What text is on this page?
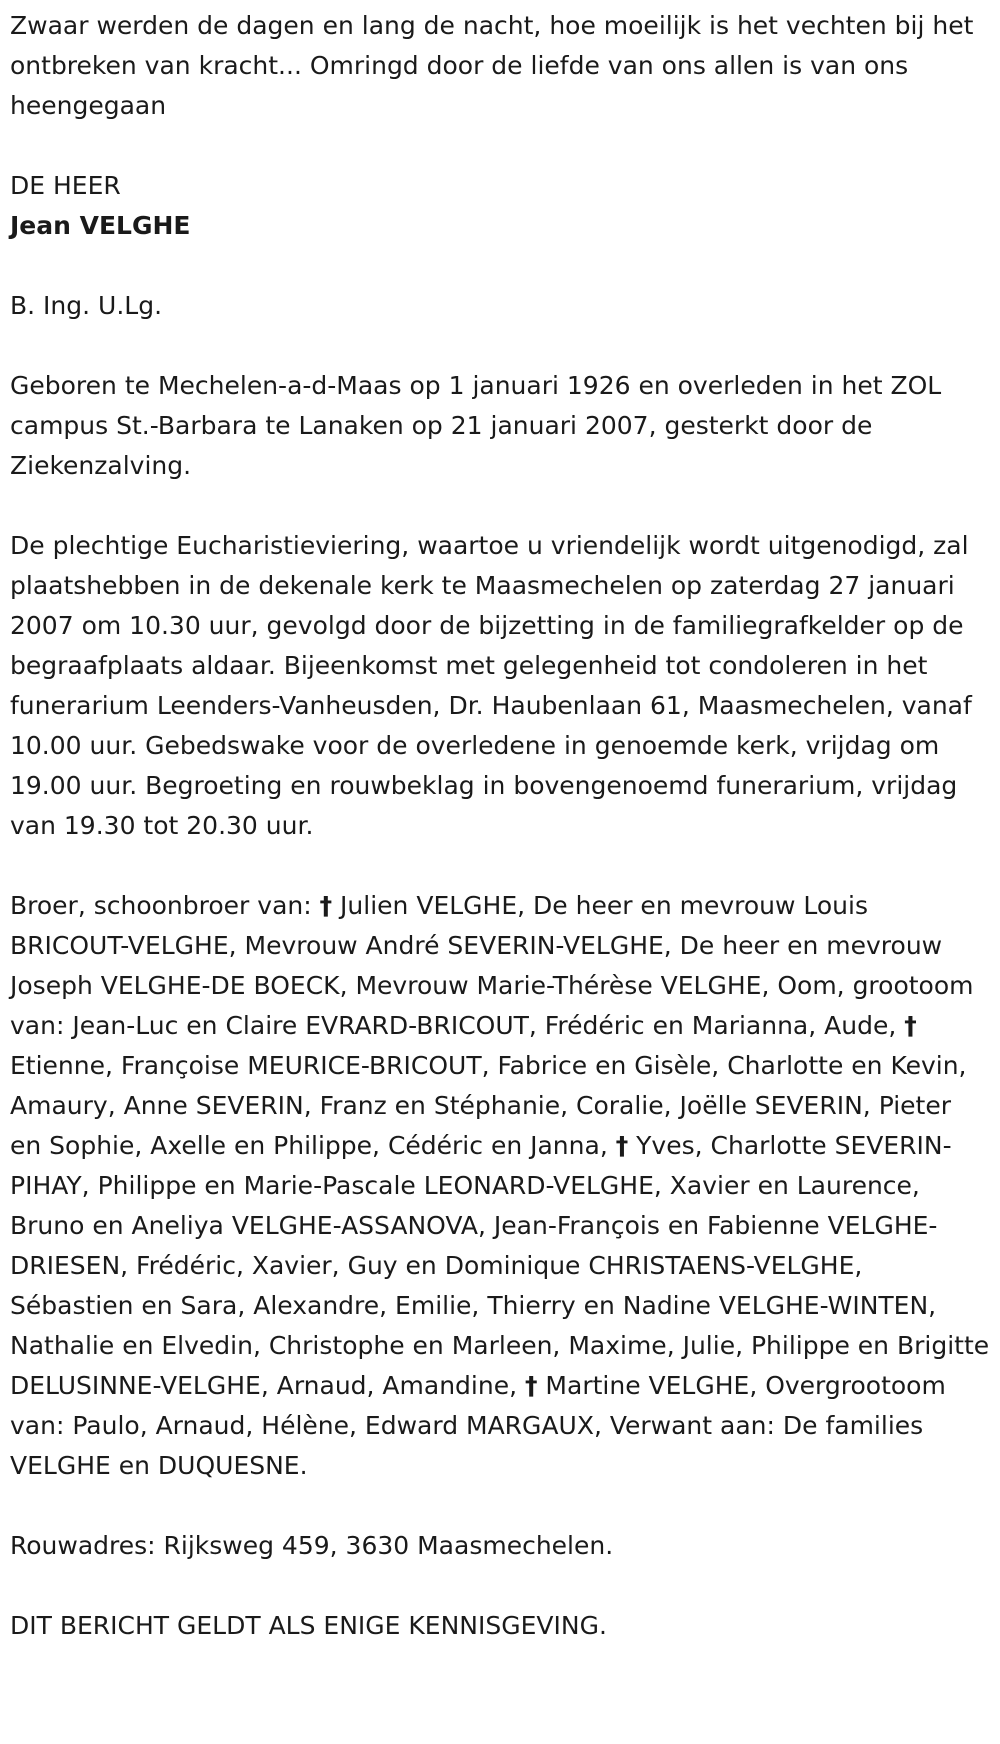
Zwaar werden de dagen en lang de nacht, hoe moeilijk is het vechten bij het ontbreken van kracht... Omringd door de liefde van ons allen is van ons heengegaan

DE HEER

Jean VELGHE

B. Ing. U.Lg.

Geboren te Mechelen-a-d-Maas op 1 januari 1926 en overleden in het ZOL campus St.-Barbara te Lanaken op 21 januari 2007, gesterkt door de Ziekenzalving.

De plechtige Eucharistieviering, waartoe u vriendelijk wordt uitgenodigd, zal plaatshebben in de dekenale kerk te Maasmechelen op zaterdag 27 januari 2007 om 10.30 uur, gevolgd door de bijzetting in de familiegrafkelder op de begraafplaats aldaar. Bijeenkomst met gelegenheid tot condoleren in het funerarium Leenders-Vanheusden, Dr. Haubenlaan 61, Maasmechelen, vanaf 10.00 uur. Gebedswake voor de overledene in genoemde kerk, vrijdag om 19.00 uur. Begroeting en rouwbeklag in bovengenoemd funerarium, vrijdag van 19.30 tot 20.30 uur.

Broer, schoonbroer van: † Julien VELGHE, De heer en mevrouw Louis BRICOUT-VELGHE, Mevrouw André SEVERIN-VELGHE, De heer en mevrouw Joseph VELGHE-DE BOECK, Mevrouw Marie-Thérèse VELGHE, Oom, grootoom van: Jean-Luc en Claire EVRARD-BRICOUT, Frédéric en Marianna, Aude, † Etienne, Françoise MEURICE-BRICOUT, Fabrice en Gisèle, Charlotte en Kevin, Amaury, Anne SEVERIN, Franz en Stéphanie, Coralie, Joëlle SEVERIN, Pieter en Sophie, Axelle en Philippe, Cédéric en Janna, † Yves, Charlotte SEVERIN-PIHAY, Philippe en Marie-Pascale LEONARD-VELGHE, Xavier en Laurence, Bruno en Aneliya VELGHE-ASSANOVA, Jean-François en Fabienne VELGHE-DRIESEN, Frédéric, Xavier, Guy en Dominique CHRISTAENS-VELGHE, Sébastien en Sara, Alexandre, Emilie, Thierry en Nadine VELGHE-WINTEN, Nathalie en Elvedin, Christophe en Marleen, Maxime, Julie, Philippe en Brigitte DELUSINNE-VELGHE, Arnaud, Amandine, † Martine VELGHE, Overgrootoom van: Paulo, Arnaud, Hélène, Edward MARGAUX, Verwant aan: De families VELGHE en DUQUESNE.

Rouwadres: Rijksweg 459, 3630 Maasmechelen.

DIT BERICHT GELDT ALS ENIGE KENNISGEVING.
